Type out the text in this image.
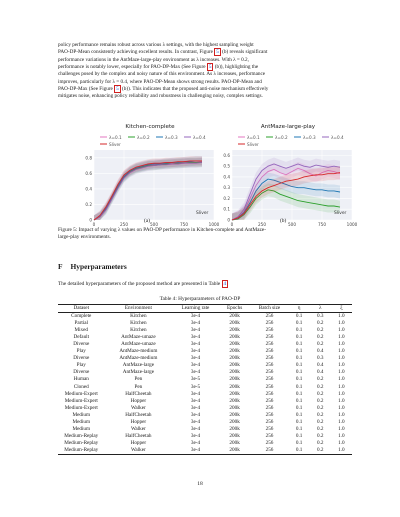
policy performance remains robust across various λ settings, with the highest sampling weight
PAO-DP-Mean consistently achieving excellent results. In contrast, Figure 5 (b) reveals significant
performance variations in the AntMaze-large-play environment as λ increases. With λ = 0.2,
performance is notably lower, especially for PAO-DP-Max (See Figure 5 (b)), highlighting the
challenges posed by the complex and noisy nature of this environment. As λ increases, performance
improves, particularly for λ = 0.4, where PAO-DP-Mean shows strong results. PAO-DP-Mean and
PAO-DP-Max (See Figure 5 (b)). This indicates that the proposed anti-noise mechanism effectively
mitigates noise, enhancing policy reliability and robustness in challenging noisy, complex settings.

Kitchen-complete
λ=0.1	λ=0.2	λ=0.3	λ=0.4
Sliver
0
0.2
0.4
0.6
0.8
0	250	500	750	1000
Sliver
(a)
AntMaze-large-play
λ=0.1	λ=0.2	λ=0.3	λ=0.4
Sliver
0
0.1
0.2
0.3
0.4
0.5
0.6
0	250	500	750	1000
Sliver
(b)

Figure 5: Impact of varying λ values on PAO-DP performance in Kitchen-complete and AntMaze-
large-play environments.

F Hyperparameters

The detailed hyperparameters of the proposed method are presented in Table 4

Table 4: Hyperparameters of PAO-DP

Dataset	Environment	Learning rate	Epochs	Batch size	η	λ	ξ
Complete	Kitchen	3e-4	200k	256	0.1	0.3	1.0
Partial	Kitchen	3e-4	200k	256	0.1	0.2	1.0
Mixed	Kitchen	3e-4	200k	256	0.1	0.2	1.0
Default	AntMaze-umaze	3e-4	200k	256	0.1	0.2	1.0
Diverse	AntMaze-umaze	3e-4	200k	256	0.1	0.2	1.0
Play	AntMaze-medium	3e-4	200k	256	0.1	0.4	1.0
Diverse	AntMaze-medium	3e-4	200k	256	0.1	0.3	1.0
Play	AntMaze-large	3e-4	200k	256	0.1	0.4	1.0
Diverse	AntMaze-large	3e-4	200k	256	0.1	0.4	1.0
Human	Pen	3e-5	200k	256	0.1	0.2	1.0
Cloned	Pen	3e-5	200k	256	0.1	0.2	1.0
Medium-Expert	HalfCheetah	3e-4	200k	256	0.1	0.2	1.0
Medium-Expert	Hopper	3e-4	200k	256	0.1	0.2	1.0
Medium-Expert	Walker	3e-4	200k	256	0.1	0.2	1.0
Medium	HalfCheetah	3e-4	200k	256	0.1	0.2	1.0
Medium	Hopper	3e-4	200k	256	0.1	0.2	1.0
Medium	Walker	3e-4	200k	256	0.1	0.2	1.0
Medium-Replay	HalfCheetah	3e-4	200k	256	0.1	0.2	1.0
Medium-Replay	Hopper	3e-4	200k	256	0.1	0.2	1.0
Medium-Replay	Walker	3e-4	200k	256	0.1	0.2	1.0
18
